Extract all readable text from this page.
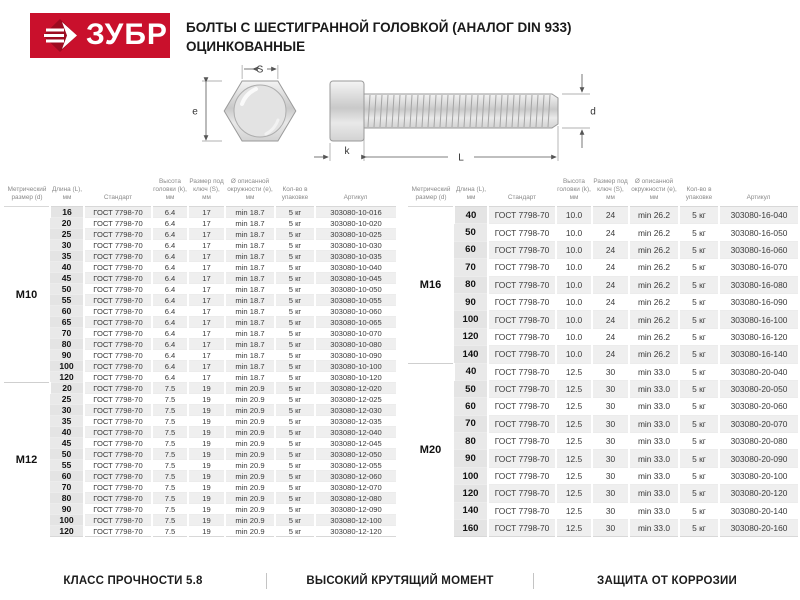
ЗУБР БОЛТЫ С ШЕСТИГРАННОЙ ГОЛОВКОЙ (АНАЛОГ DIN 933)
ОЦИНКОВАННЫЕ
S
e
k
L
d
Метрический размер (d)	Длина (L), мм	Стандарт	Высота головки (k), мм	Размер под ключ (S), мм	Ø описанной окружности (e), мм	Кол-во в упаковке	Артикул
M10	16	ГОСТ 7798-70	6.4	17	min 18.7	5 кг	303080-10-016
	20	ГОСТ 7798-70	6.4	17	min 18.7	5 кг	303080-10-020
	25	ГОСТ 7798-70	6.4	17	min 18.7	5 кг	303080-10-025
	30	ГОСТ 7798-70	6.4	17	min 18.7	5 кг	303080-10-030
	35	ГОСТ 7798-70	6.4	17	min 18.7	5 кг	303080-10-035
	40	ГОСТ 7798-70	6.4	17	min 18.7	5 кг	303080-10-040
	45	ГОСТ 7798-70	6.4	17	min 18.7	5 кг	303080-10-045
	50	ГОСТ 7798-70	6.4	17	min 18.7	5 кг	303080-10-050
	55	ГОСТ 7798-70	6.4	17	min 18.7	5 кг	303080-10-055
	60	ГОСТ 7798-70	6.4	17	min 18.7	5 кг	303080-10-060
	65	ГОСТ 7798-70	6.4	17	min 18.7	5 кг	303080-10-065
	70	ГОСТ 7798-70	6.4	17	min 18.7	5 кг	303080-10-070
	80	ГОСТ 7798-70	6.4	17	min 18.7	5 кг	303080-10-080
	90	ГОСТ 7798-70	6.4	17	min 18.7	5 кг	303080-10-090
	100	ГОСТ 7798-70	6.4	17	min 18.7	5 кг	303080-10-100
	120	ГОСТ 7798-70	6.4	17	min 18.7	5 кг	303080-10-120
M12	20	ГОСТ 7798-70	7.5	19	min 20.9	5 кг	303080-12-020
	25	ГОСТ 7798-70	7.5	19	min 20.9	5 кг	303080-12-025
	30	ГОСТ 7798-70	7.5	19	min 20.9	5 кг	303080-12-030
	35	ГОСТ 7798-70	7.5	19	min 20.9	5 кг	303080-12-035
	40	ГОСТ 7798-70	7.5	19	min 20.9	5 кг	303080-12-040
	45	ГОСТ 7798-70	7.5	19	min 20.9	5 кг	303080-12-045
	50	ГОСТ 7798-70	7.5	19	min 20.9	5 кг	303080-12-050
	55	ГОСТ 7798-70	7.5	19	min 20.9	5 кг	303080-12-055
	60	ГОСТ 7798-70	7.5	19	min 20.9	5 кг	303080-12-060
	70	ГОСТ 7798-70	7.5	19	min 20.9	5 кг	303080-12-070
	80	ГОСТ 7798-70	7.5	19	min 20.9	5 кг	303080-12-080
	90	ГОСТ 7798-70	7.5	19	min 20.9	5 кг	303080-12-090
	100	ГОСТ 7798-70	7.5	19	min 20.9	5 кг	303080-12-100
	120	ГОСТ 7798-70	7.5	19	min 20.9	5 кг	303080-12-120
Метрический размер (d)	Длина (L), мм	Стандарт	Высота головки (k), мм	Размер под ключ (S), мм	Ø описанной окружности (e), мм	Кол-во в упаковке	Артикул
M16	40	ГОСТ 7798-70	10.0	24	min 26.2	5 кг	303080-16-040
	50	ГОСТ 7798-70	10.0	24	min 26.2	5 кг	303080-16-050
	60	ГОСТ 7798-70	10.0	24	min 26.2	5 кг	303080-16-060
	70	ГОСТ 7798-70	10.0	24	min 26.2	5 кг	303080-16-070
	80	ГОСТ 7798-70	10.0	24	min 26.2	5 кг	303080-16-080
	90	ГОСТ 7798-70	10.0	24	min 26.2	5 кг	303080-16-090
	100	ГОСТ 7798-70	10.0	24	min 26.2	5 кг	303080-16-100
	120	ГОСТ 7798-70	10.0	24	min 26.2	5 кг	303080-16-120
	140	ГОСТ 7798-70	10.0	24	min 26.2	5 кг	303080-16-140
M20	40	ГОСТ 7798-70	12.5	30	min 33.0	5 кг	303080-20-040
	50	ГОСТ 7798-70	12.5	30	min 33.0	5 кг	303080-20-050
	60	ГОСТ 7798-70	12.5	30	min 33.0	5 кг	303080-20-060
	70	ГОСТ 7798-70	12.5	30	min 33.0	5 кг	303080-20-070
	80	ГОСТ 7798-70	12.5	30	min 33.0	5 кг	303080-20-080
	90	ГОСТ 7798-70	12.5	30	min 33.0	5 кг	303080-20-090
	100	ГОСТ 7798-70	12.5	30	min 33.0	5 кг	303080-20-100
	120	ГОСТ 7798-70	12.5	30	min 33.0	5 кг	303080-20-120
	140	ГОСТ 7798-70	12.5	30	min 33.0	5 кг	303080-20-140
	160	ГОСТ 7798-70	12.5	30	min 33.0	5 кг	303080-20-160
КЛАСС ПРОЧНОСТИ 5.8	ВЫСОКИЙ КРУТЯЩИЙ МОМЕНТ	ЗАЩИТА ОТ КОРРОЗИИ
